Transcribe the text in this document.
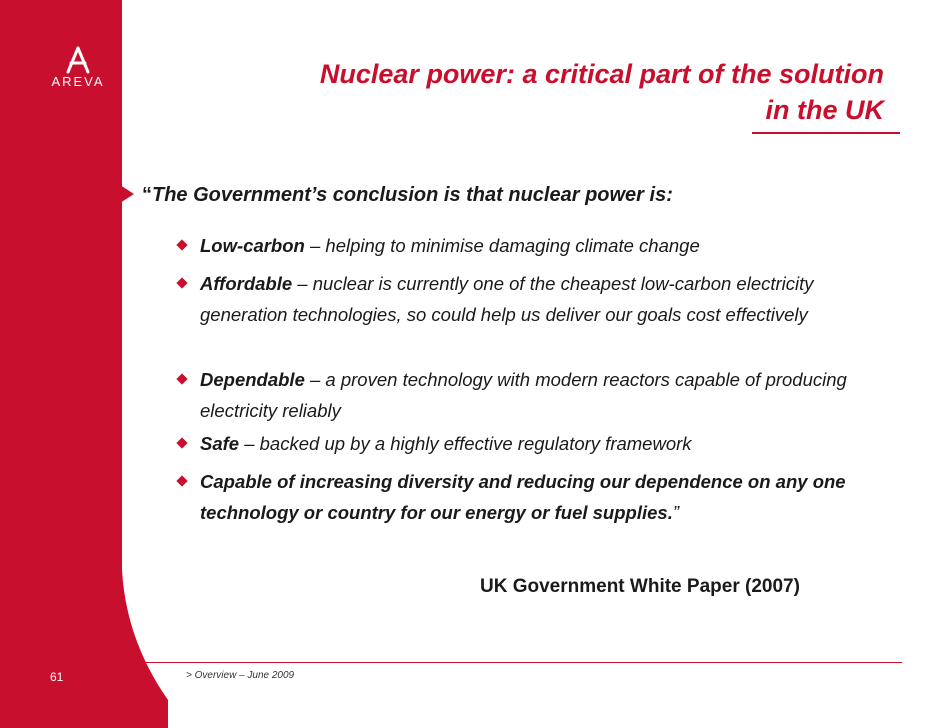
AREVA	Nuclear power: a critical part of the solution
in the UK
“The Government’s conclusion is that nuclear power is:
Low-carbon – helping to minimise damaging climate change
Affordable – nuclear is currently one of the cheapest low-carbon electricity generation technologies, so could help us deliver our goals cost effectively
Dependable – a proven technology with modern reactors capable of producing electricity reliably
Safe – backed up by a highly effective regulatory framework
Capable of increasing diversity and reducing our dependence on any one technology or country for our energy or fuel supplies.”
UK Government White Paper (2007)
61	> Overview – June 2009
